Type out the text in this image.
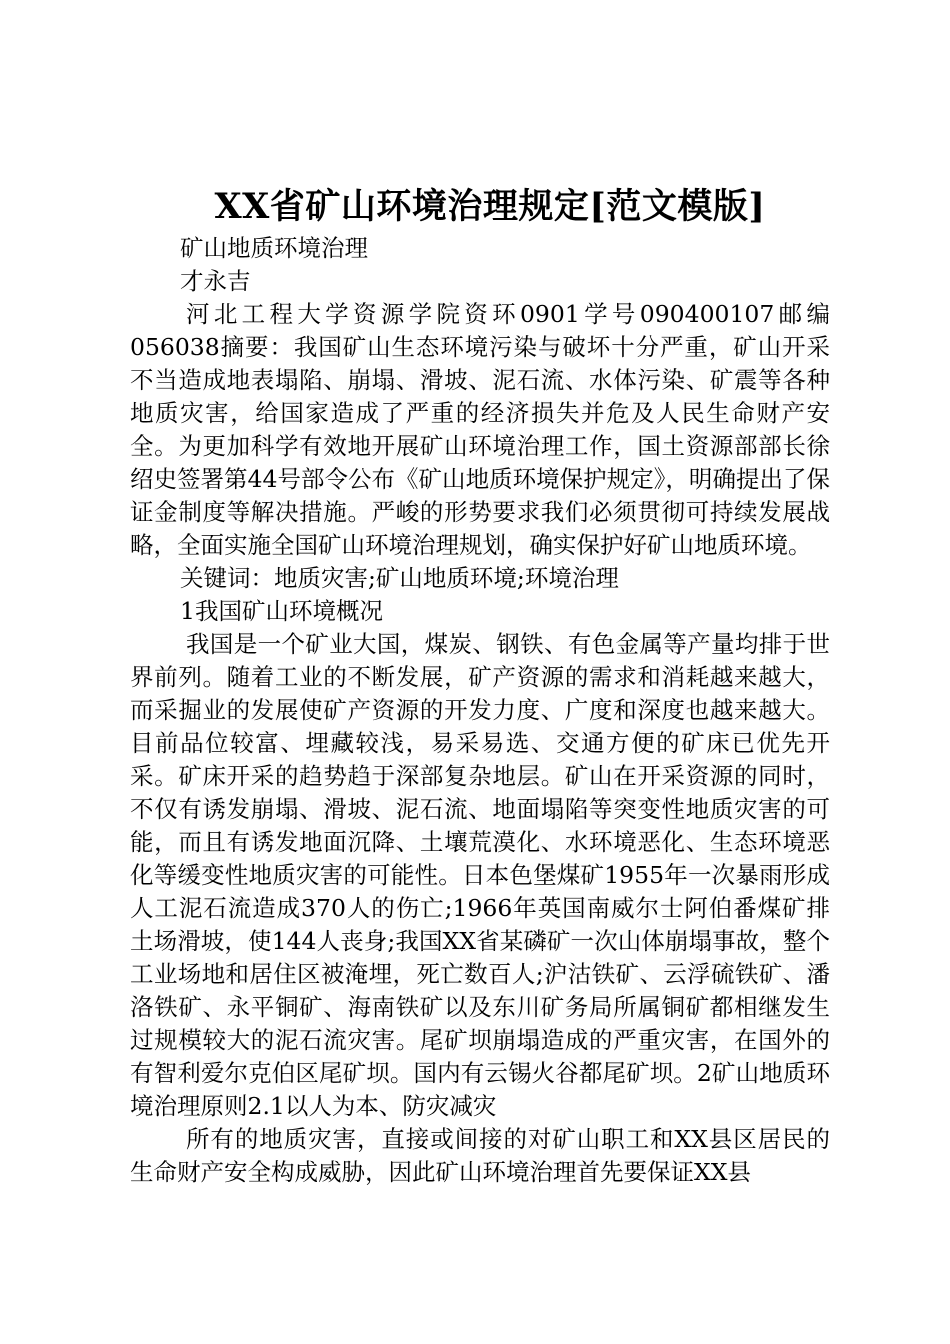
XX省矿山环境治理规定[范文模版]

矿山地质环境治理

才永吉

河北工程大学资源学院资环0901学号090400107邮编056038摘要：我国矿山生态环境污染与破坏十分严重，矿山开采不当造成地表塌陷、崩塌、滑坡、泥石流、水体污染、矿震等各种地质灾害，给国家造成了严重的经济损失并危及人民生命财产安全。为更加科学有效地开展矿山环境治理工作，国土资源部部长徐绍史签署第44号部令公布《矿山地质环境保护规定》，明确提出了保证金制度等解决措施。严峻的形势要求我们必须贯彻可持续发展战略，全面实施全国矿山环境治理规划，确实保护好矿山地质环境。

关键词：地质灾害;矿山地质环境;环境治理

1我国矿山环境概况

我国是一个矿业大国，煤炭、钢铁、有色金属等产量均排于世界前列。随着工业的不断发展，矿产资源的需求和消耗越来越大，而采掘业的发展使矿产资源的开发力度、广度和深度也越来越大。目前品位较富、埋藏较浅，易采易选、交通方便的矿床已优先开采。矿床开采的趋势趋于深部复杂地层。矿山在开采资源的同时，不仅有诱发崩塌、滑坡、泥石流、地面塌陷等突变性地质灾害的可能，而且有诱发地面沉降、土壤荒漠化、水环境恶化、生态环境恶化等缓变性地质灾害的可能性。日本色堡煤矿1955年一次暴雨形成人工泥石流造成370人的伤亡;1966年英国南威尔士阿伯番煤矿排土场滑坡，使144人丧身;我国XX省某磷矿一次山体崩塌事故，整个工业场地和居住区被淹埋，死亡数百人;沪沽铁矿、云浮硫铁矿、潘洛铁矿、永平铜矿、海南铁矿以及东川矿务局所属铜矿都相继发生过规模较大的泥石流灾害。尾矿坝崩塌造成的严重灾害，在国外的有智利爱尔克伯区尾矿坝。国内有云锡火谷都尾矿坝。2矿山地质环境治理原则2.1以人为本、防灾减灾

所有的地质灾害，直接或间接的对矿山职工和XX县区居民的生命财产安全构成威胁，因此矿山环境治理首先要保证XX县
